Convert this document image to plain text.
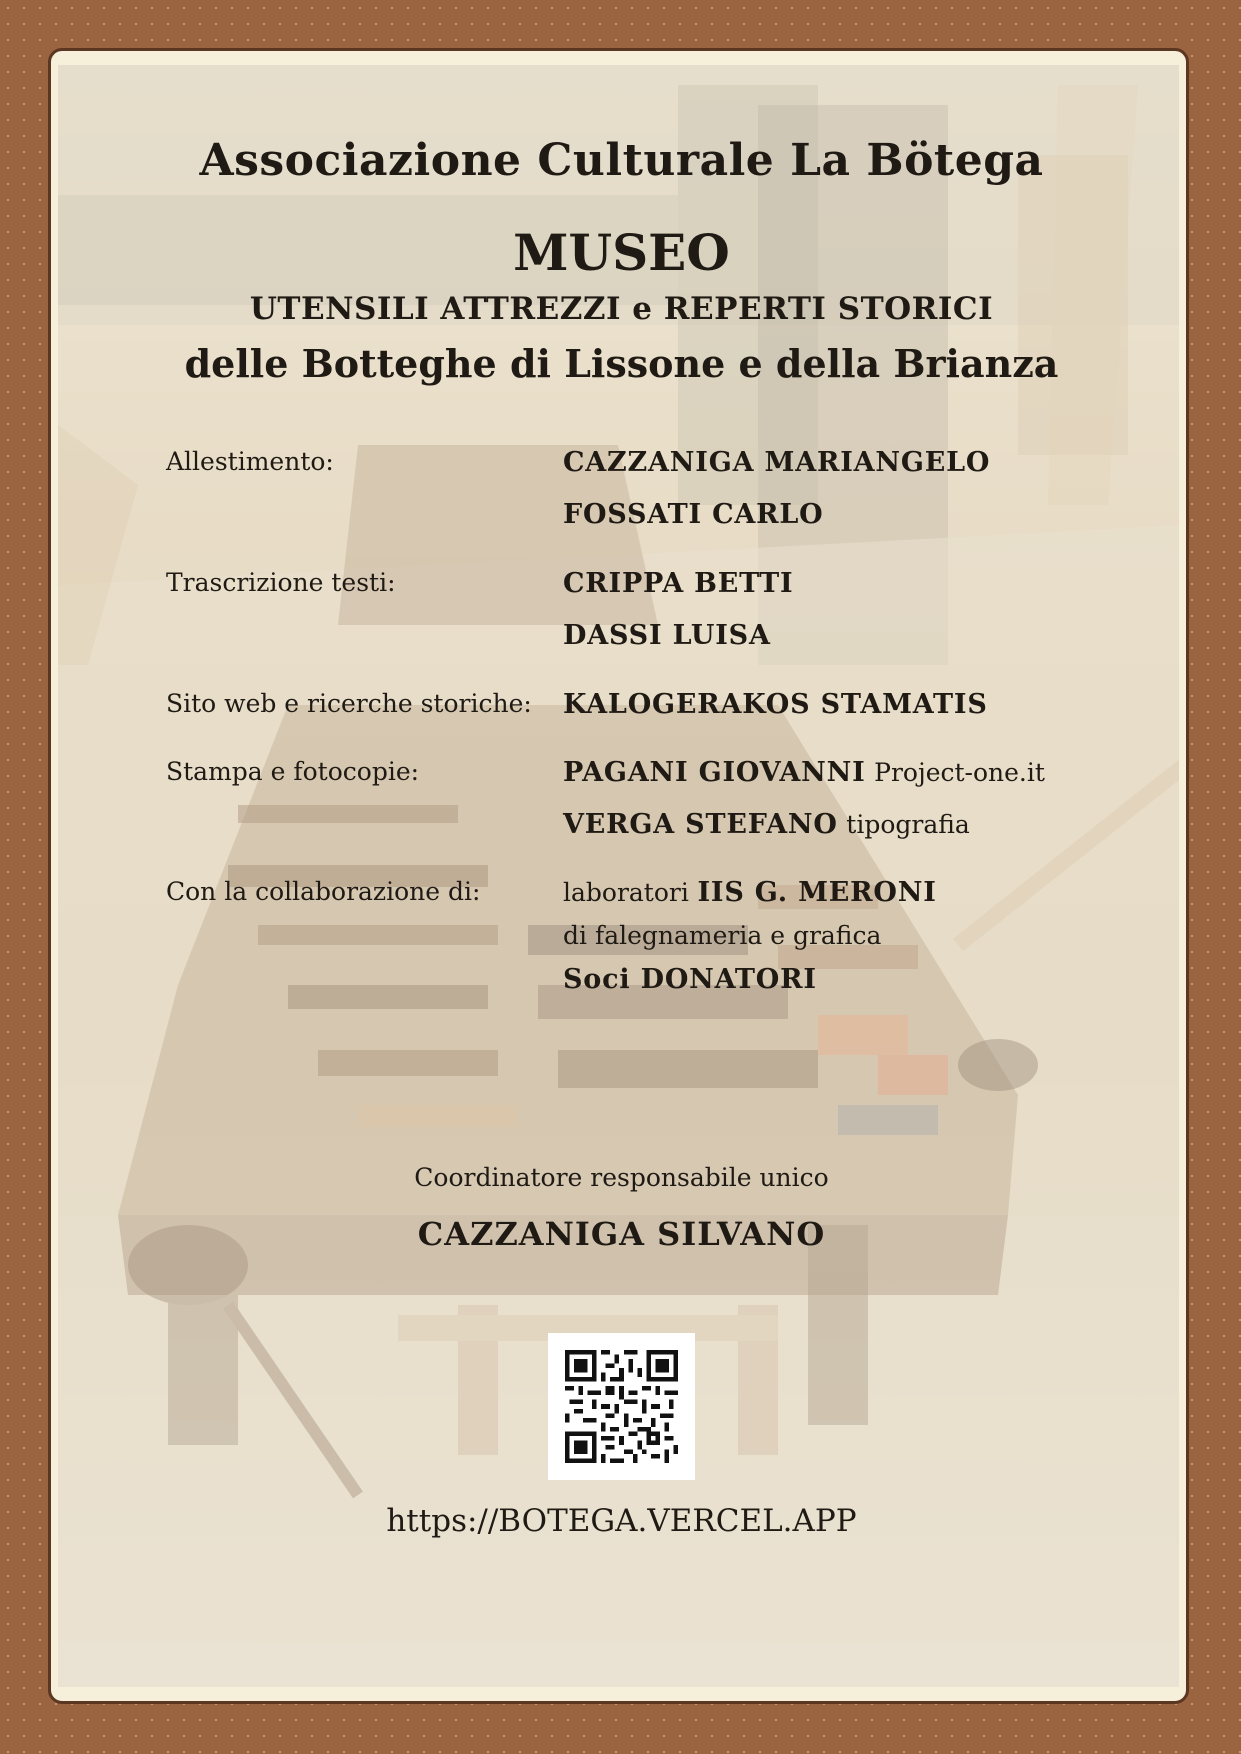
Associazione Culturale La Bötega
MUSEO
UTENSILI ATTREZZI e REPERTI STORICI
delle Botteghe di Lissone e della Brianza
Allestimento:	CAZZANIGA MARIANGELO
FOSSATI CARLO
Trascrizione testi:	CRIPPA BETTI
DASSI LUISA
Sito web e ricerche storiche: KALOGERAKOS STAMATIS
Stampa e fotocopie:	PAGANI GIOVANNI Project-one.it
VERGA STEFANO tipografia
Con la collaborazione di:	laboratori IIS G. MERONI
di falegnameria e grafica
Soci DONATORI
Coordinatore responsabile unico
CAZZANIGA SILVANO
https://BOTEGA.VERCEL.APP
